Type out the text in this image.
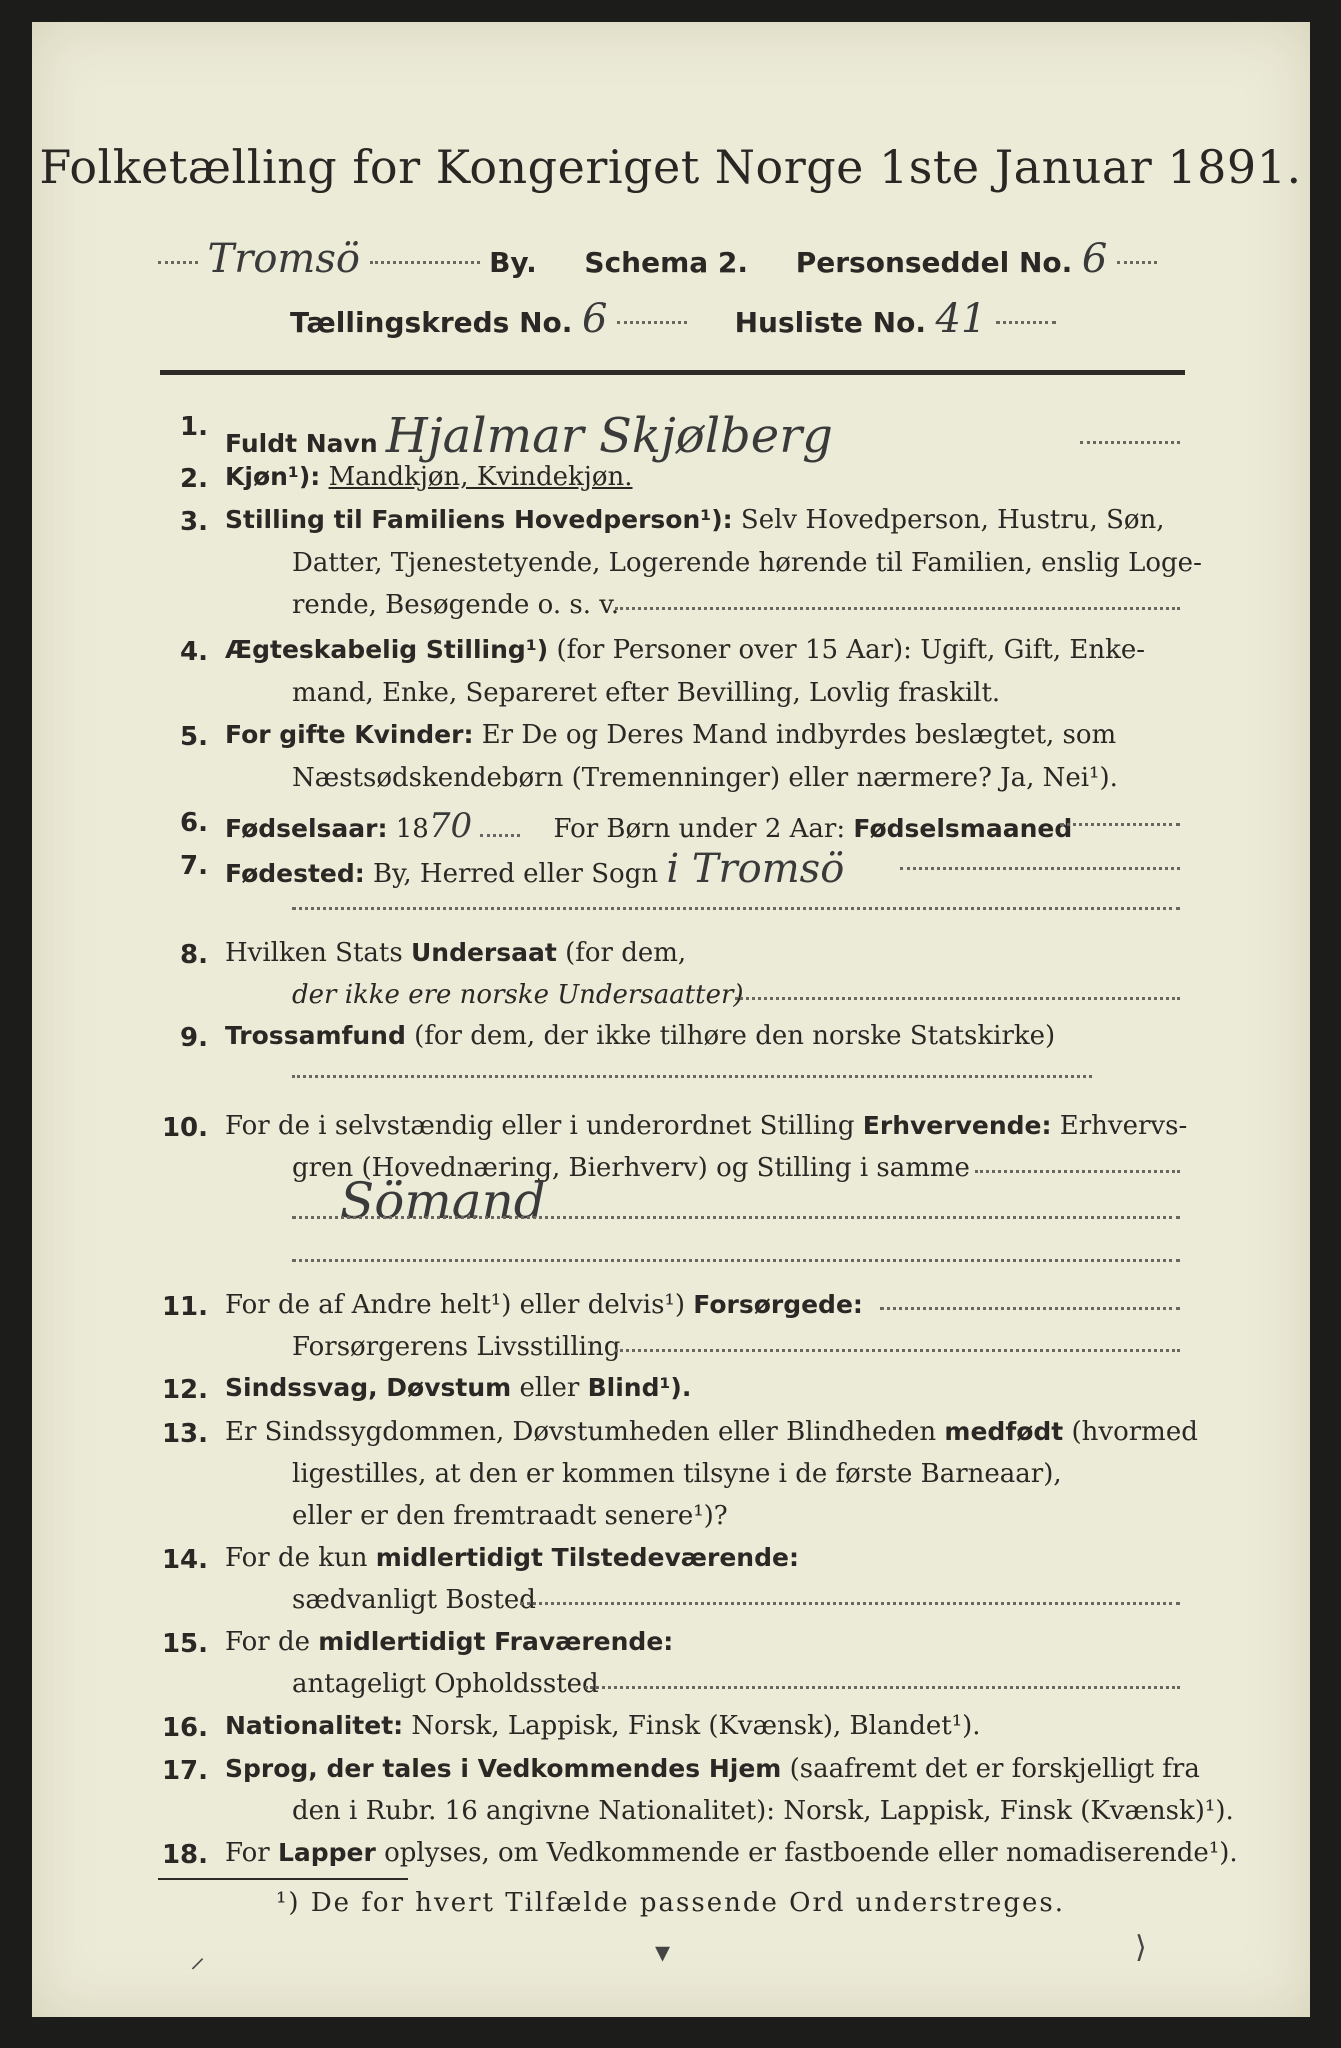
Folketælling for Kongeriget Norge 1ste Januar 1891.
Tromsö	By. Schema 2. Personseddel No. 6
Tællingskreds No. 6	Husliste No. 41
1.
Fuldt Navn Hjalmar Skjølberg
2. Kjøn¹): Mandkjøn, Kvindekjøn.
3. Stilling til Familiens Hovedperson¹): Selv Hovedperson, Hustru, Søn,
Datter, Tjenestetyende, Logerende hørende til Familien, enslig Loge-
rende, Besøgende o. s. v.
4. Ægteskabelig Stilling¹) (for Personer over 15 Aar): Ugift, Gift, Enke-
mand, Enke, Separeret efter Bevilling, Lovlig fraskilt.
5. For gifte Kvinder: Er De og Deres Mand indbyrdes beslægtet, som
Næstsødskendebørn (Tremenninger) eller nærmere? Ja, Nei¹).
6. Fødselsaar: 1870	For Børn under 2 Aar: Fødselsmaaned
7. Fødested: By, Herred eller Sogn i Tromsö
8. Hvilken Stats Undersaat (for dem,
der ikke ere norske Undersaatter)
9. Trossamfund (for dem, der ikke tilhøre den norske Statskirke)
10. For de i selvstændig eller i underordnet Stilling Erhvervende: Erhvervs-
gren (Hovednæring, Bierhverv) og Stilling i samme
Sömand
11. For de af Andre helt¹) eller delvis¹) Forsørgede:
Forsørgerens Livsstilling
12. Sindssvag, Døvstum eller Blind¹).
13. Er Sindssygdommen, Døvstumheden eller Blindheden medfødt (hvormed
ligestilles, at den er kommen tilsyne i de første Barneaar),
eller er den fremtraadt senere¹)?
14. For de kun midlertidigt Tilstedeværende:
sædvanligt Bosted
15. For de midlertidigt Fraværende:
antageligt Opholdssted
16. Nationalitet: Norsk, Lappisk, Finsk (Kvænsk), Blandet¹).
17. Sprog, der tales i Vedkommendes Hjem (saafremt det er forskjelligt fra
den i Rubr. 16 angivne Nationalitet): Norsk, Lappisk, Finsk (Kvænsk)¹).
18. For Lapper oplyses, om Vedkommende er fastboende eller nomadiserende¹).
¹) De for hvert Tilfælde passende Ord understreges.
⸝	▾	⟩
